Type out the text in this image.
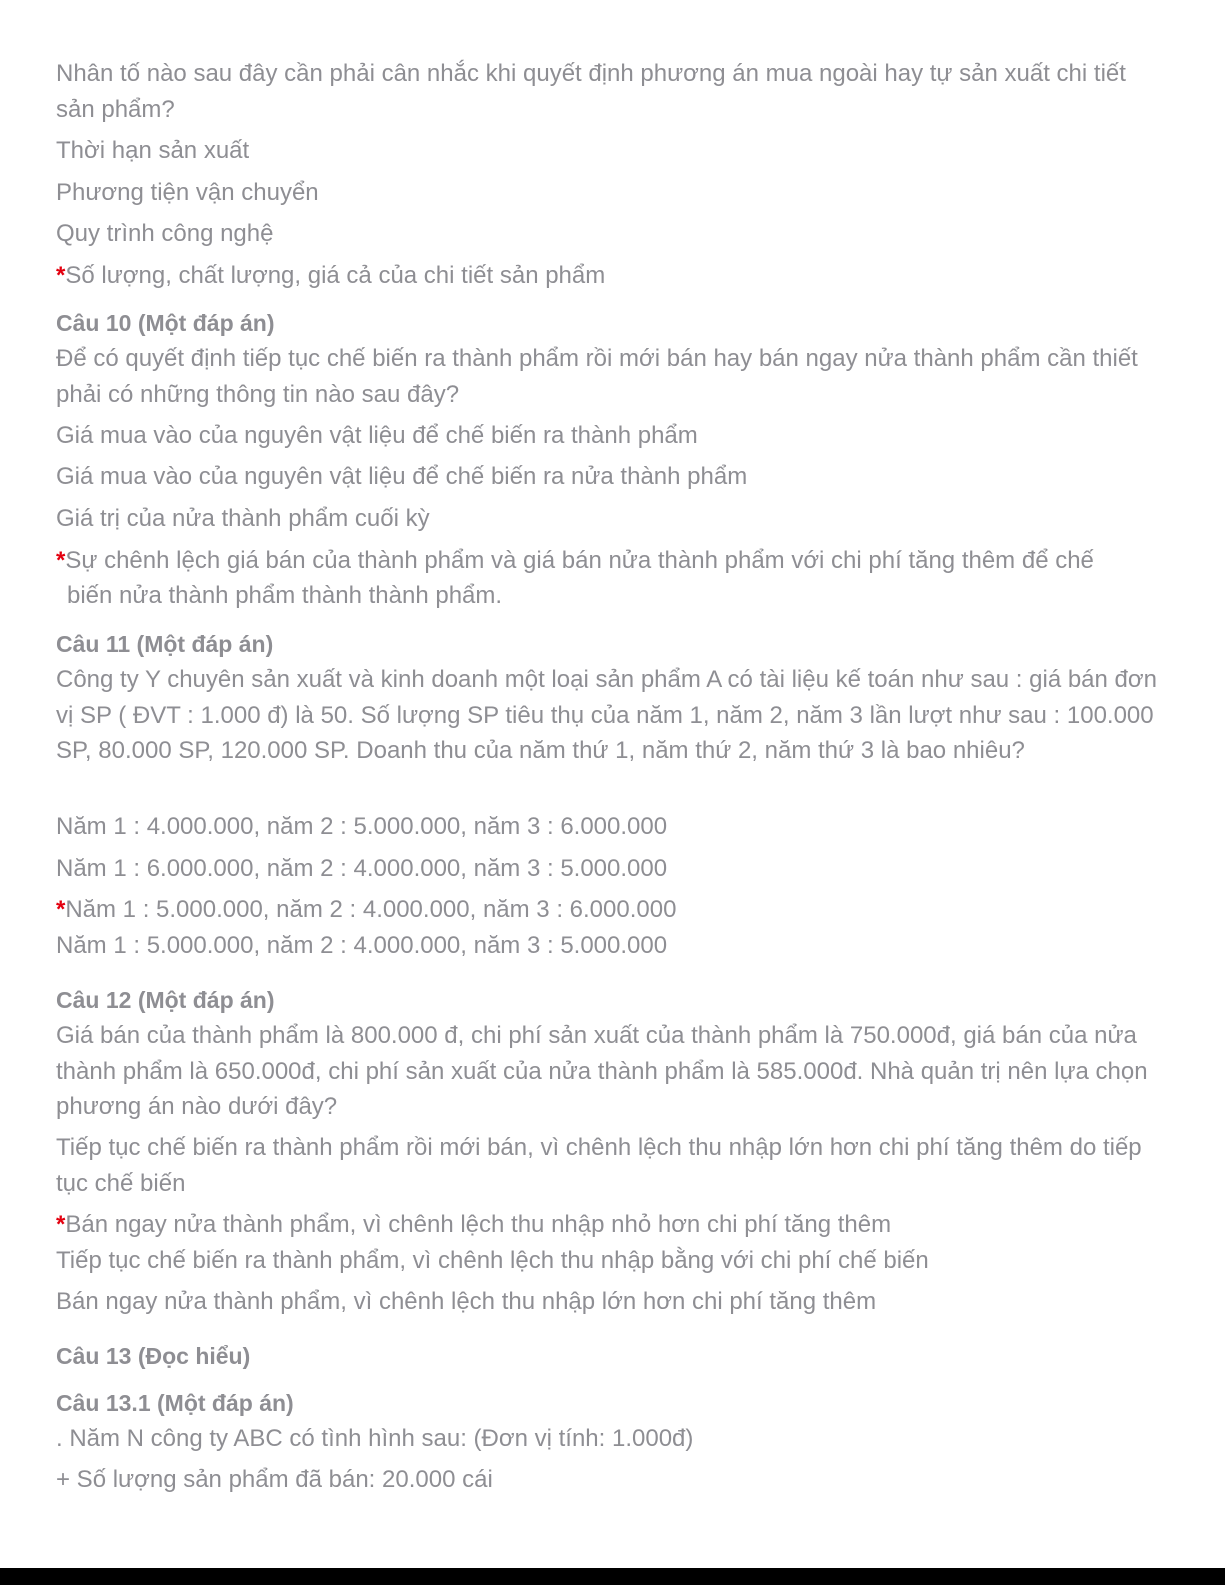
Nhân tố nào sau đây cần phải cân nhắc khi quyết định phương án mua ngoài hay tự sản xuất chi tiết sản phẩm?
Thời hạn sản xuất
Phương tiện vận chuyển
Quy trình công nghệ
*Số lượng, chất lượng, giá cả của chi tiết sản phẩm
Câu 10 (Một đáp án)
Để có quyết định tiếp tục chế biến ra thành phẩm rồi mới bán hay bán ngay nửa thành phẩm cần thiết phải có những thông tin nào sau đây?
Giá mua vào của nguyên vật liệu để chế biến ra thành phẩm
Giá mua vào của nguyên vật liệu để chế biến ra nửa thành phẩm
Giá trị của nửa thành phẩm cuối kỳ
*Sự chênh lệch giá bán của thành phẩm và giá bán nửa thành phẩm với chi phí tăng thêm để chế
biến nửa thành phẩm thành thành phẩm.
Câu 11 (Một đáp án)
Công ty Y chuyên sản xuất và kinh doanh một loại sản phẩm A có tài liệu kế toán như sau : giá bán đơn vị SP ( ĐVT : 1.000 đ) là 50. Số lượng SP tiêu thụ của năm 1, năm 2, năm 3 lần lượt như sau : 100.000 SP, 80.000 SP, 120.000 SP. Doanh thu của năm thứ 1, năm thứ 2, năm thứ 3 là bao nhiêu?
Năm 1 : 4.000.000, năm 2 : 5.000.000, năm 3 : 6.000.000
Năm 1 : 6.000.000, năm 2 : 4.000.000, năm 3 : 5.000.000
*Năm 1 : 5.000.000, năm 2 : 4.000.000, năm 3 : 6.000.000
Năm 1 : 5.000.000, năm 2 : 4.000.000, năm 3 : 5.000.000
Câu 12 (Một đáp án)
Giá bán của thành phẩm là 800.000 đ, chi phí sản xuất của thành phẩm là 750.000đ, giá bán của nửa thành phẩm là 650.000đ, chi phí sản xuất của nửa thành phẩm là 585.000đ. Nhà quản trị nên lựa chọn phương án nào dưới đây?
Tiếp tục chế biến ra thành phẩm rồi mới bán, vì chênh lệch thu nhập lớn hơn chi phí tăng thêm do tiếp tục chế biến
*Bán ngay nửa thành phẩm, vì chênh lệch thu nhập nhỏ hơn chi phí tăng thêm
Tiếp tục chế biến ra thành phẩm, vì chênh lệch thu nhập bằng với chi phí chế biến
Bán ngay nửa thành phẩm, vì chênh lệch thu nhập lớn hơn chi phí tăng thêm
Câu 13 (Đọc hiểu)
Câu 13.1 (Một đáp án)
. Năm N công ty ABC có tình hình sau: (Đơn vị tính: 1.000đ)
+ Số lượng sản phẩm đã bán: 20.000 cái
